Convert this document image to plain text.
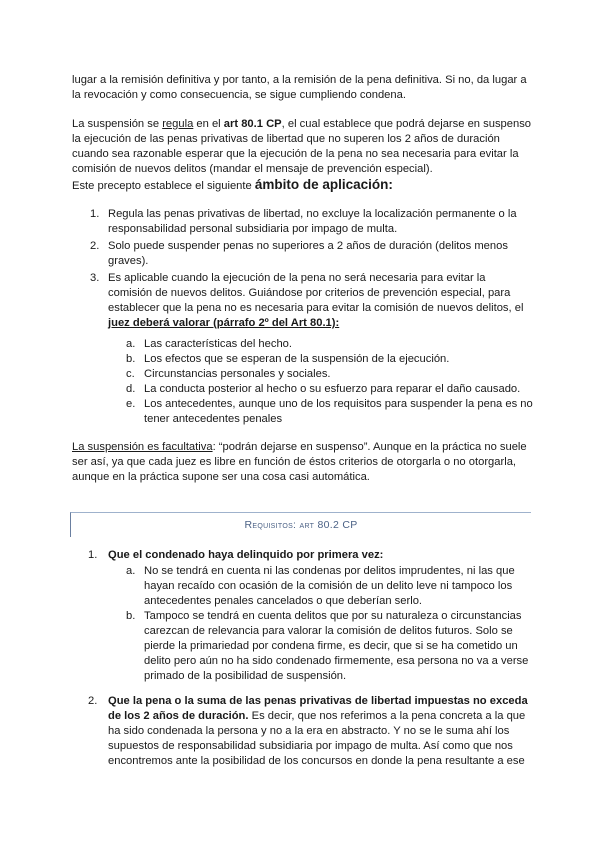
lugar a la remisión definitiva y por tanto, a la remisión de la pena definitiva. Si no, da lugar a

la revocación y como consecuencia, se sigue cumpliendo condena.

La suspensión se regula en el art 80.1 CP, el cual establece que podrá dejarse en suspenso la ejecución de las penas privativas de libertad que no superen los 2 años de duración cuando sea razonable esperar que la ejecución de la pena no sea necesaria para evitar la comisión de nuevos delitos (mandar el mensaje de prevención especial).

Este precepto establece el siguiente ámbito de aplicación:

1. Regula las penas privativas de libertad, no excluye la localización permanente o la responsabilidad personal subsidiaria por impago de multa.
2. Solo puede suspender penas no superiores a 2 años de duración (delitos menos graves).
3. Es aplicable cuando la ejecución de la pena no será necesaria para evitar la comisión de nuevos delitos. Guiándose por criterios de prevención especial, para establecer que la pena no es necesaria para evitar la comisión de nuevos delitos, el juez deberá valorar (párrafo 2º del Art 80.1):
a. Las características del hecho.
b. Los efectos que se esperan de la suspensión de la ejecución.
c. Circunstancias personales y sociales.
d. La conducta posterior al hecho o su esfuerzo para reparar el daño causado.
e. Los antecedentes, aunque uno de los requisitos para suspender la pena es no tener antecedentes penales

La suspensión es facultativa: “podrán dejarse en suspenso”. Aunque en la práctica no suele ser así, ya que cada juez es libre en función de éstos criterios de otorgarla o no otorgarla, aunque en la práctica supone ser una cosa casi automática.

Requisitos: art 80.2 CP
1. Que el condenado haya delinquido por primera vez:
a. No se tendrá en cuenta ni las condenas por delitos imprudentes, ni las que hayan recaído con ocasión de la comisión de un delito leve ni tampoco los antecedentes penales cancelados o que deberían serlo.
b. Tampoco se tendrá en cuenta delitos que por su naturaleza o circunstancias carezcan de relevancia para valorar la comisión de delitos futuros. Solo se pierde la primariedad por condena firme, es decir, que si se ha cometido un delito pero aún no ha sido condenado firmemente, esa persona no va a verse primado de la posibilidad de suspensión.
2. Que la pena o la suma de las penas privativas de libertad impuestas no exceda de los 2 años de duración. Es decir, que nos referimos a la pena concreta a la que ha sido condenada la persona y no a la era en abstracto. Y no se le suma ahí los supuestos de responsabilidad subsidiaria por impago de multa. Así como que nos encontremos ante la posibilidad de los concursos en donde la pena resultante a ese
